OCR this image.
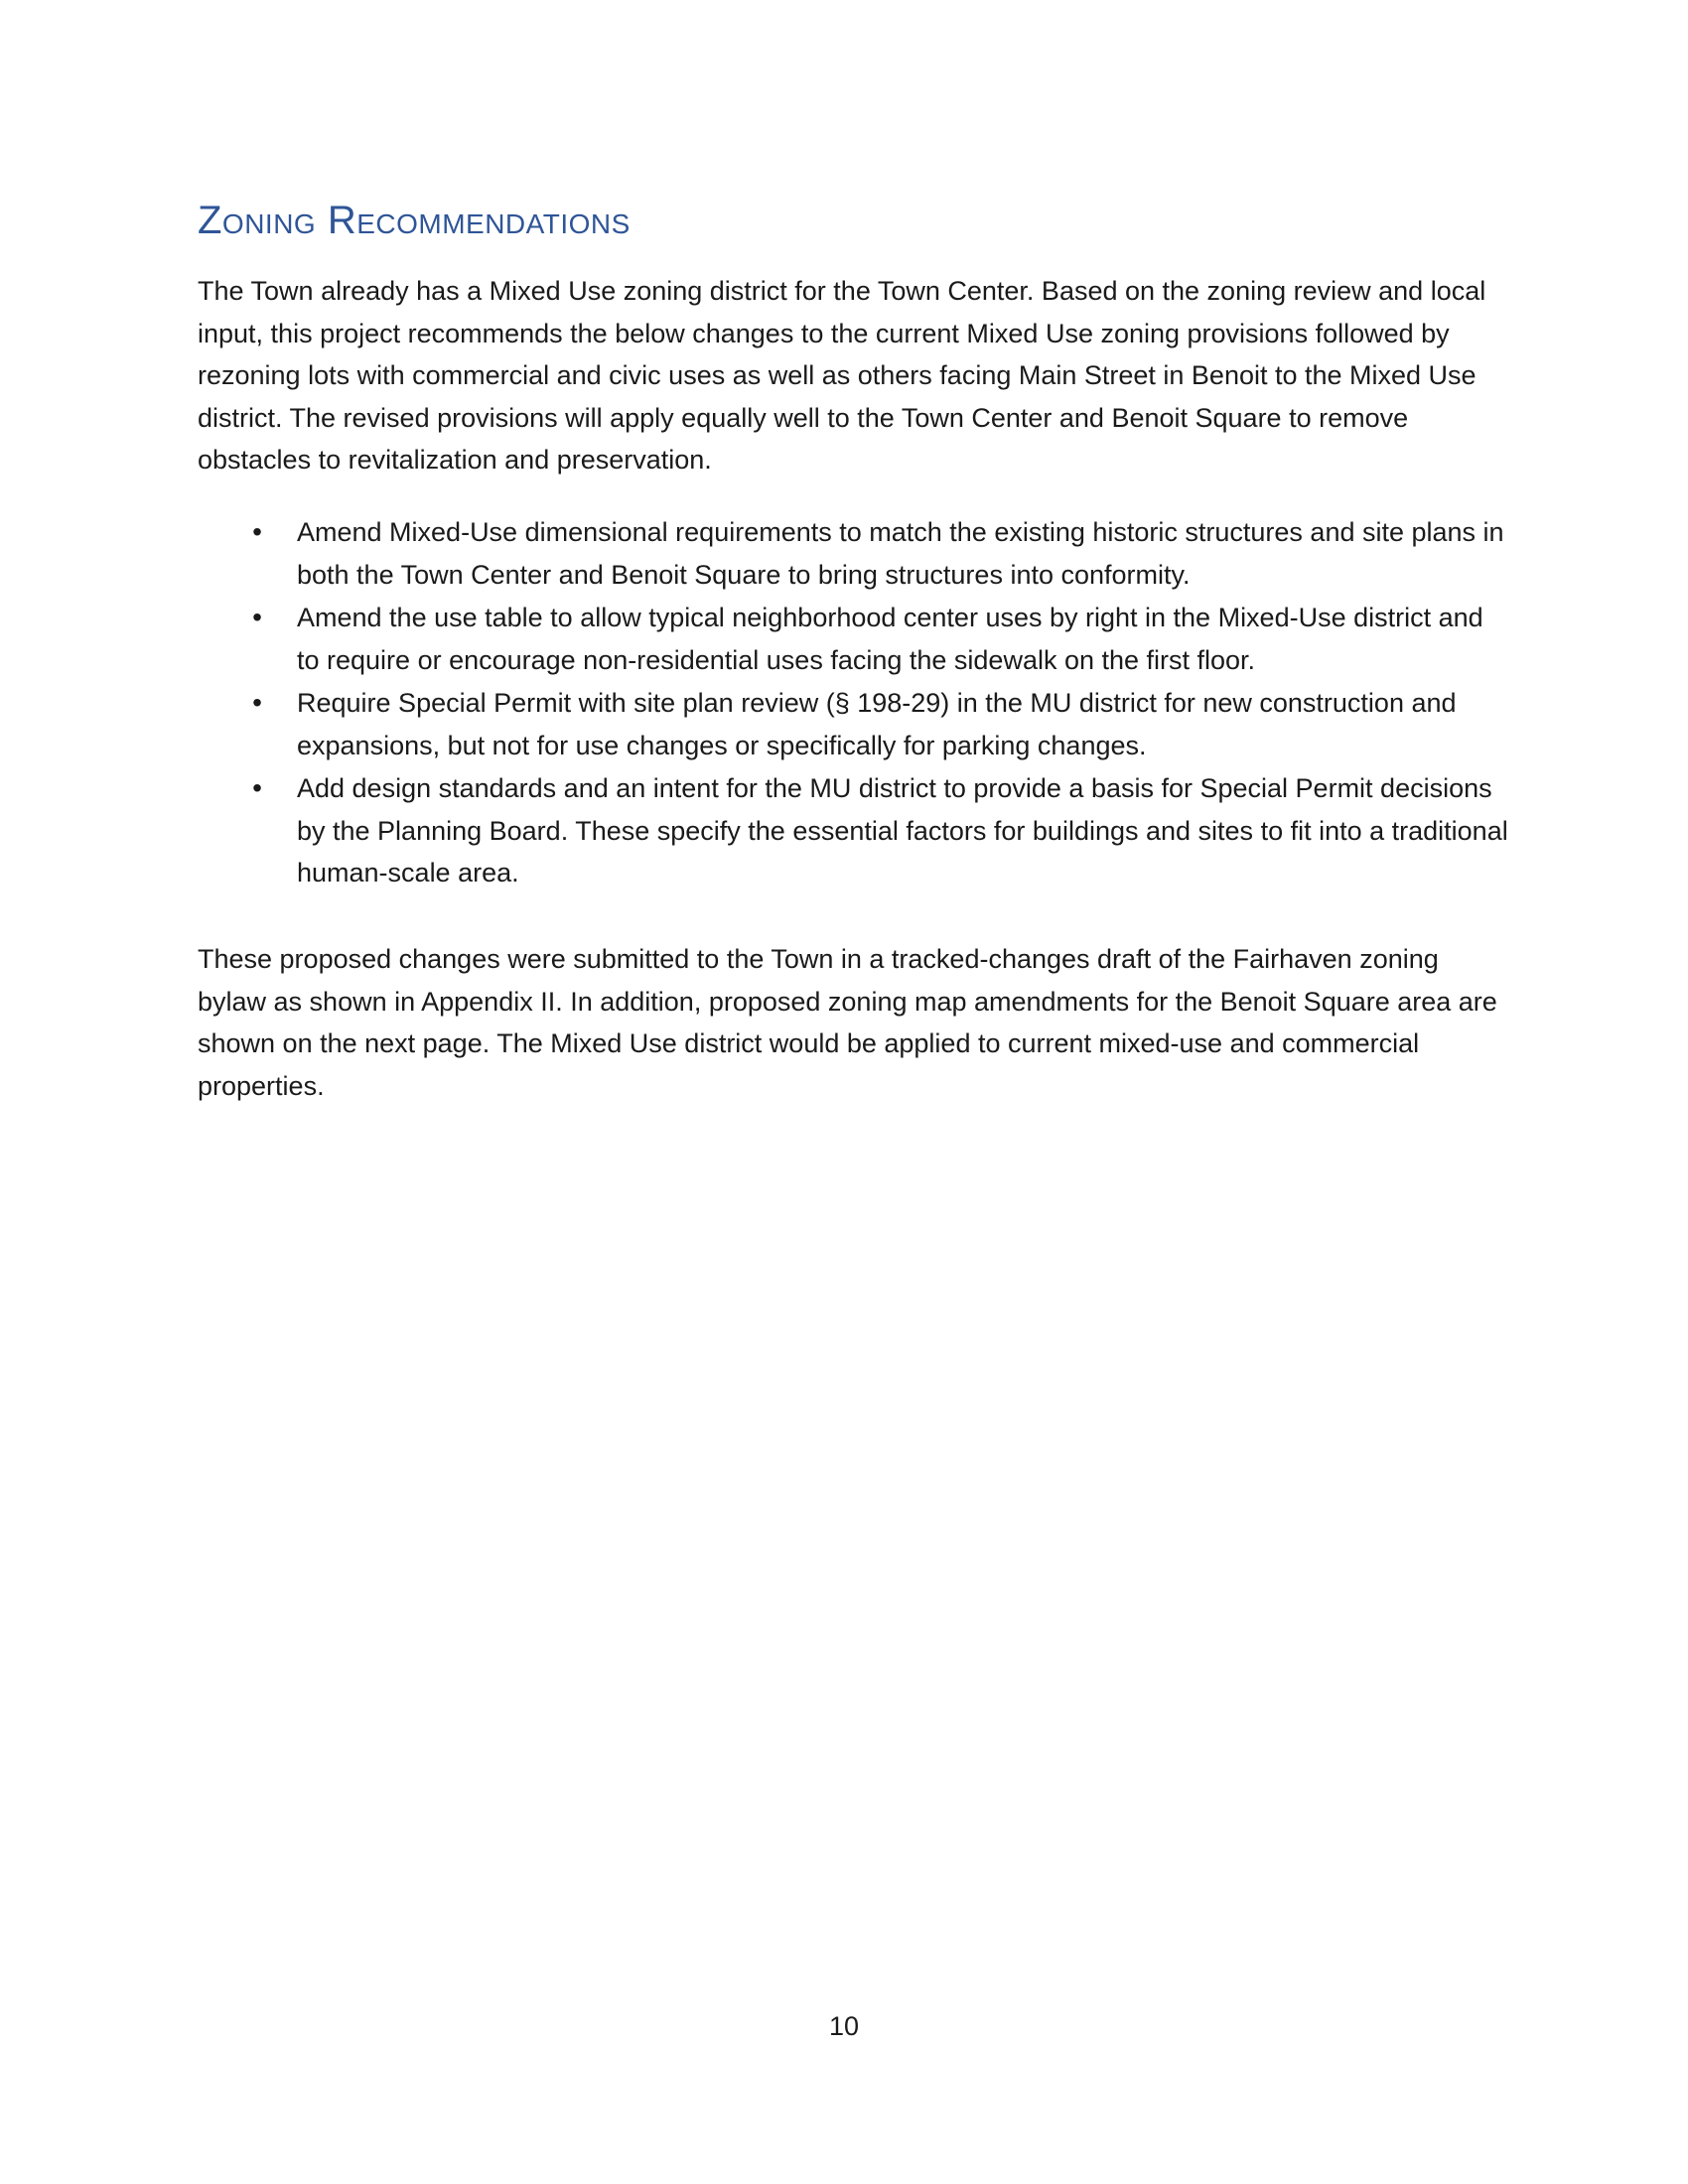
Zoning Recommendations

The Town already has a Mixed Use zoning district for the Town Center. Based on the zoning review and local input, this project recommends the below changes to the current Mixed Use zoning provisions followed by rezoning lots with commercial and civic uses as well as others facing Main Street in Benoit to the Mixed Use district. The revised provisions will apply equally well to the Town Center and Benoit Square to remove obstacles to revitalization and preservation.

• Amend Mixed-Use dimensional requirements to match the existing historic structures and site plans in both the Town Center and Benoit Square to bring structures into conformity.
• Amend the use table to allow typical neighborhood center uses by right in the Mixed-Use district and to require or encourage non-residential uses facing the sidewalk on the first floor.
• Require Special Permit with site plan review (§ 198-29) in the MU district for new construction and expansions, but not for use changes or specifically for parking changes.
• Add design standards and an intent for the MU district to provide a basis for Special Permit decisions by the Planning Board. These specify the essential factors for buildings and sites to fit into a traditional human-scale area.

These proposed changes were submitted to the Town in a tracked-changes draft of the Fairhaven zoning bylaw as shown in Appendix II. In addition, proposed zoning map amendments for the Benoit Square area are shown on the next page. The Mixed Use district would be applied to current mixed-use and commercial properties.

10
